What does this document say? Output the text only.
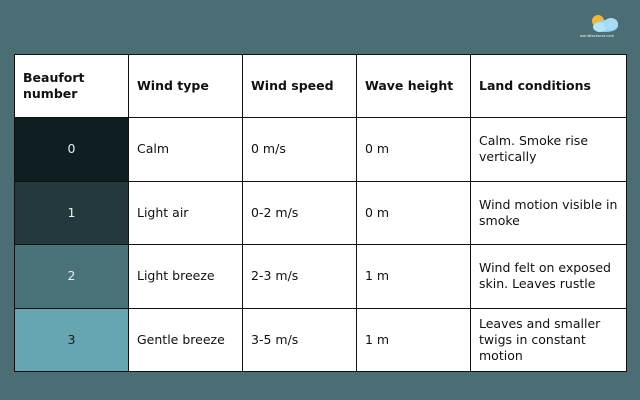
worldfactsnet.com
Beaufort number	Wind type	Wind speed	Wave height	Land conditions
0	Calm	0 m/s	0 m	Calm. Smoke rise vertically
1	Light air	0-2 m/s	0 m	Wind motion visible in smoke
2	Light breeze	2-3 m/s	1 m	Wind felt on exposed skin. Leaves rustle
3	Gentle breeze	3-5 m/s	1 m	Leaves and smaller twigs in constant motion
